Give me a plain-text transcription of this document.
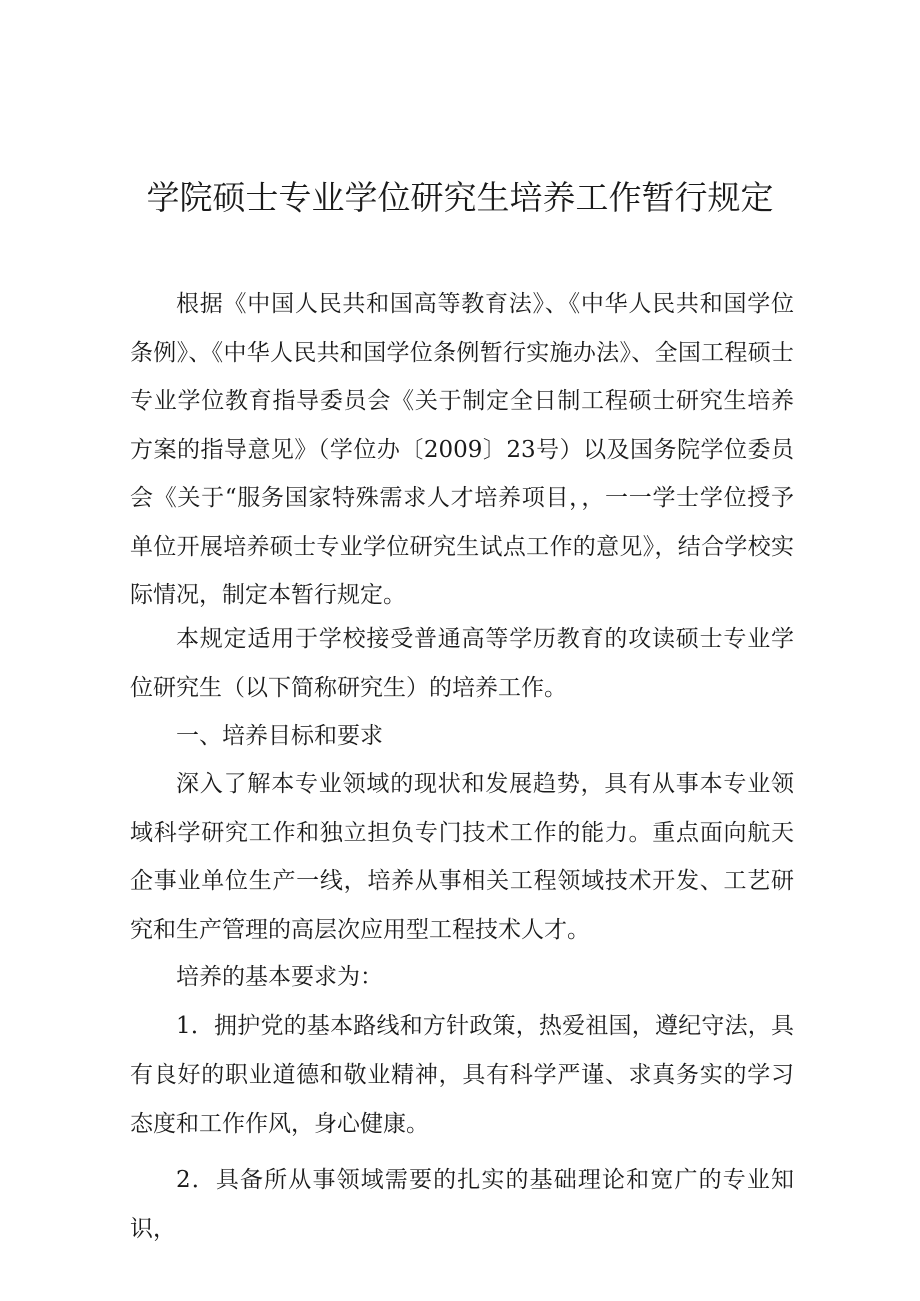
学院硕士专业学位研究生培养工作暂行规定
根据《中国人民共和国高等教育法》、《中华人民共和国学位条例》、《中华人民共和国学位条例暂行实施办法》、全国工程硕士专业学位教育指导委员会《关于制定全日制工程硕士研究生培养方案的指导意见》（学位办〔2009〕23号）以及国务院学位委员会《关于“服务国家特殊需求人才培养项目，，一一学士学位授予单位开展培养硕士专业学位研究生试点工作的意见》，结合学校实际情况，制定本暂行规定。
本规定适用于学校接受普通高等学历教育的攻读硕士专业学位研究生（以下简称研究生）的培养工作。
一、培养目标和要求
深入了解本专业领域的现状和发展趋势，具有从事本专业领域科学研究工作和独立担负专门技术工作的能力。重点面向航天企事业单位生产一线，培养从事相关工程领域技术开发、工艺研究和生产管理的高层次应用型工程技术人才。
培养的基本要求为：
1．拥护党的基本路线和方针政策，热爱祖国，遵纪守法，具有良好的职业道德和敬业精神，具有科学严谨、求真务实的学习态度和工作作风，身心健康。
2．具备所从事领域需要的扎实的基础理论和宽广的专业知识，
